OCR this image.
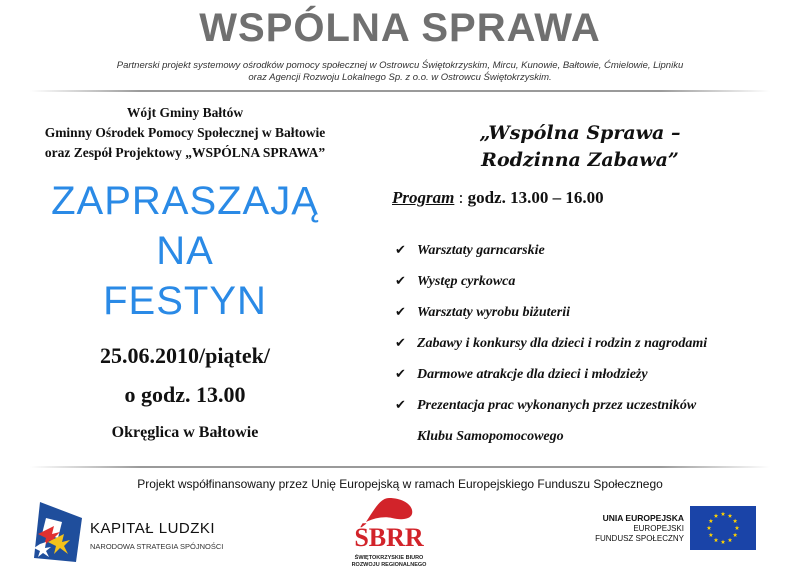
WSPÓLNA SPRAWA
Partnerski projekt systemowy ośrodków pomocy społecznej w Ostrowcu Świętokrzyskim, Mircu, Kunowie, Bałtowie, Ćmielowie, Lipniku
oraz Agencji Rozwoju Lokalnego Sp. z o.o. w Ostrowcu Świętokrzyskim.
Wójt Gminy Bałtów
Gminny Ośrodek Pomocy Społecznej w Bałtowie
oraz Zespół Projektowy „WSPÓLNA SPRAWA”
ZAPRASZAJĄ
NA
FESTYN
25.06.2010/piątek/
o godz. 13.00
Okręglica w Bałtowie
„Wspólna Sprawa –
Rodzinna Zabawa”
Program : godz. 13.00 – 16.00
✔ Warsztaty garncarskie
✔ Występ cyrkowca
✔ Warsztaty wyrobu biżuterii
✔ Zabawy i konkursy dla dzieci i rodzin z nagrodami
✔ Darmowe atrakcje dla dzieci i młodzieży
✔ Prezentacja prac wykonanych przez uczestników
Klubu Samopomocowego
Projekt współfinansowany przez Unię Europejską w ramach Europejskiego Funduszu Społecznego
KAPITAŁ LUDZKI
NARODOWA STRATEGIA SPÓJNOŚCI	ŚBRR
ŚWIĘTOKRZYSKIE BIURO
ROZWOJU REGIONALNEGO
UNIA EUROPEJSKA
EUROPEJSKI
FUNDUSZ SPOŁECZNY
